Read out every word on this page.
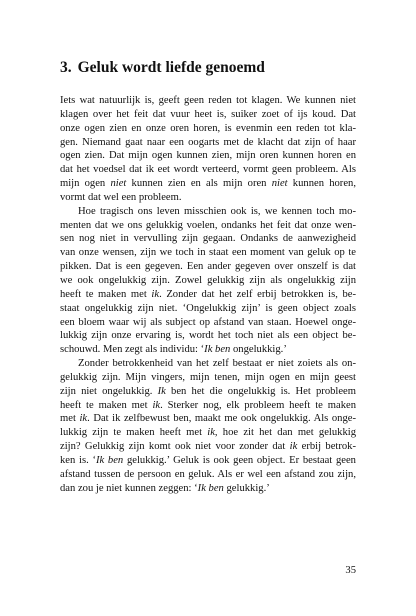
3. Geluk wordt liefde genoemd
Iets wat natuurlijk is, geeft geen reden tot klagen. We kunnen niet
klagen over het feit dat vuur heet is, suiker zoet of ijs koud. Dat
onze ogen zien en onze oren horen, is evenmin een reden tot kla-
gen. Niemand gaat naar een oogarts met de klacht dat zijn of haar
ogen zien. Dat mijn ogen kunnen zien, mijn oren kunnen horen en
dat het voedsel dat ik eet wordt verteerd, vormt geen probleem. Als
mijn ogen niet kunnen zien en als mijn oren niet kunnen horen,
vormt dat wel een probleem.
Hoe tragisch ons leven misschien ook is, we kennen toch mo-
menten dat we ons gelukkig voelen, ondanks het feit dat onze wen-
sen nog niet in vervulling zijn gegaan. Ondanks de aanwezigheid
van onze wensen, zijn we toch in staat een moment van geluk op te
pikken. Dat is een gegeven. Een ander gegeven over onszelf is dat
we ook ongelukkig zijn. Zowel gelukkig zijn als ongelukkig zijn
heeft te maken met ik. Zonder dat het zelf erbij betrokken is, be-
staat ongelukkig zijn niet. ‘Ongelukkig zijn’ is geen object zoals
een bloem waar wij als subject op afstand van staan. Hoewel onge-
lukkig zijn onze ervaring is, wordt het toch niet als een object be-
schouwd. Men zegt als individu: ‘Ik ben ongelukkig.’
Zonder betrokkenheid van het zelf bestaat er niet zoiets als on-
gelukkig zijn. Mijn vingers, mijn tenen, mijn ogen en mijn geest
zijn niet ongelukkig. Ik ben het die ongelukkig is. Het probleem
heeft te maken met ik. Sterker nog, elk probleem heeft te maken
met ik. Dat ik zelfbewust ben, maakt me ook ongelukkig. Als onge-
lukkig zijn te maken heeft met ik, hoe zit het dan met gelukkig
zijn? Gelukkig zijn komt ook niet voor zonder dat ik erbij betrok-
ken is. ‘Ik ben gelukkig.’ Geluk is ook geen object. Er bestaat geen
afstand tussen de persoon en geluk. Als er wel een afstand zou zijn,
dan zou je niet kunnen zeggen: ‘Ik ben gelukkig.’

35
